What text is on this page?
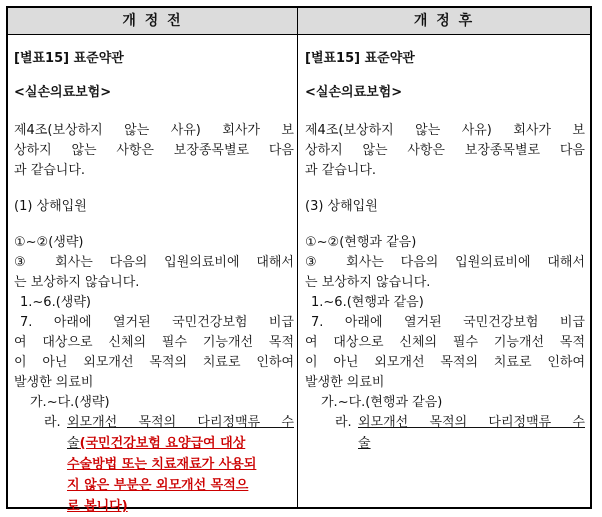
개 정 전	개 정 후
[별표15] 표준약관
<실손의료보험>
제4조(보상하지 않는 사유) 회사가 보
상하지 않는 사항은 보장종목별로 다음
과 같습니다.
(1) 상해입원
①~②(생략)
③ 회사는 다음의 입원의료비에 대해서
는 보상하지 않습니다.
1.~6.(생략)
7. 아래에 열거된 국민건강보험 비급
여 대상으로 신체의 필수 기능개선 목적
이 아닌 외모개선 목적의 치료로 인하여
발생한 의료비
가.~다.(생략)
라. 외모개선 목적의 다리정맥류 수
술(국민건강보험 요양급여 대상
수술방법 또는 치료재료가 사용되
지 않은 부분은 외모개선 목적으
로 봅니다)
[별표15] 표준약관
<실손의료보험>
제4조(보상하지 않는 사유) 회사가 보
상하지 않는 사항은 보장종목별로 다음
과 같습니다.
(3) 상해입원
①~②(현행과 같음)
③ 회사는 다음의 입원의료비에 대해서
는 보상하지 않습니다.
1.~6.(현행과 같음)
7. 아래에 열거된 국민건강보험 비급
여 대상으로 신체의 필수 기능개선 목적
이 아닌 외모개선 목적의 치료로 인하여
발생한 의료비
가.~다.(현행과 같음)
라. 외모개선 목적의 다리정맥류 수
술
